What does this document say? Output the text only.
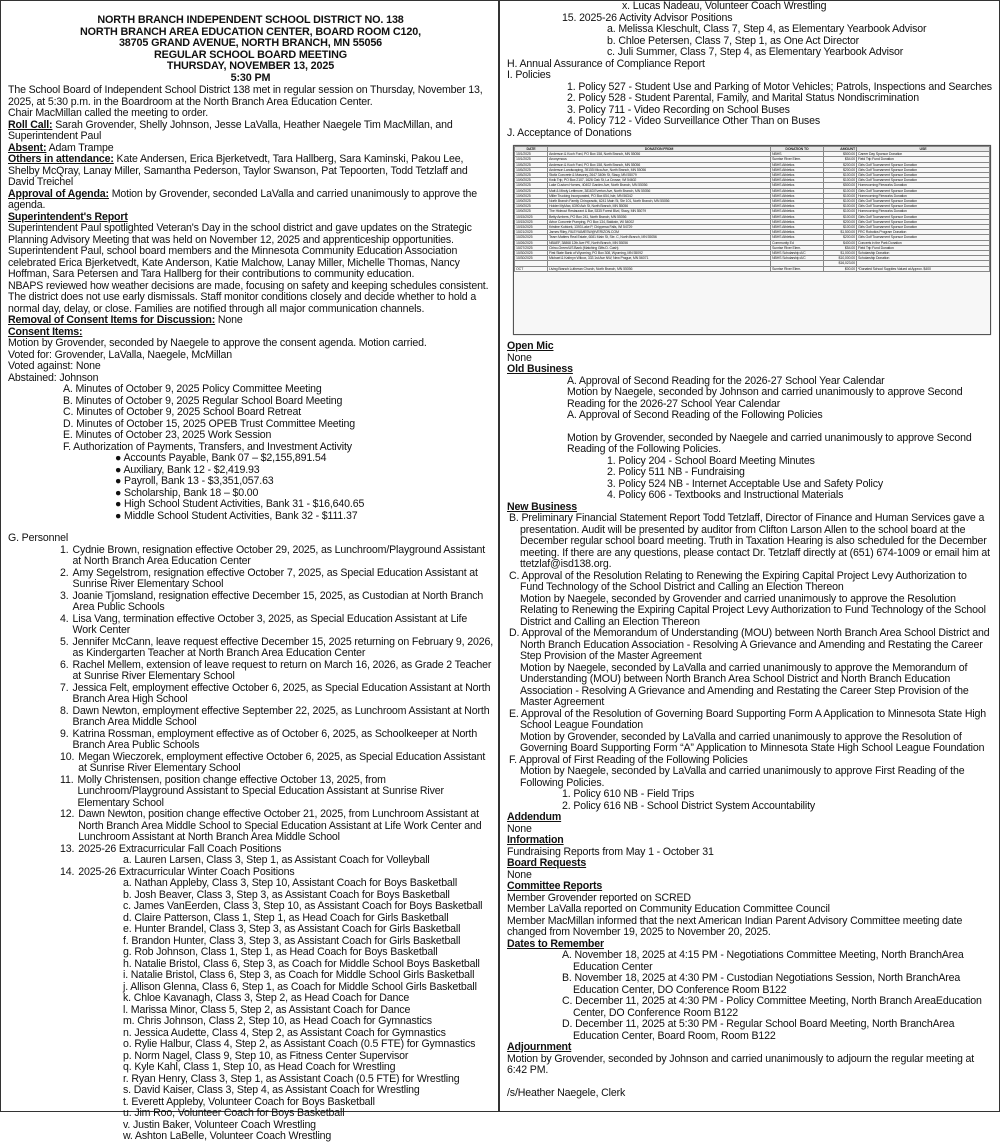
NORTH BRANCH INDEPENDENT SCHOOL DISTRICT NO. 138
NORTH BRANCH AREA EDUCATION CENTER, BOARD ROOM C120,
38705 GRAND AVENUE, NORTH BRANCH, MN 55056
REGULAR SCHOOL BOARD MEETING
THURSDAY, NOVEMBER 13, 2025
5:30 PM

The School Board of Independent School District 138 met in regular session on Thursday, November 13, 2025, at 5:30 p.m. in the Boardroom at the North Branch Area Education Center.

Chair MacMillan called the meeting to order.

Roll Call: Sarah Grovender, Shelly Johnson, Jesse LaValla, Heather Naegele Tim MacMillan, and Superintendent Paul

Absent: Adam Trampe

Others in attendance: Kate Andersen, Erica Bjerketvedt, Tara Hallberg, Sara Kaminski, Pakou Lee, Shelby McQray, Lanay Miller, Samantha Pederson, Taylor Swanson, Pat Tepoorten, Todd Tetzlaff and David Treichel

Approval of Agenda: Motion by Grovender, seconded LaValla and carried unanimously to approve the agenda.

Superintendent's Report

Superintendent Paul spotlighted Veteran's Day in the school district and gave updates on the Strategic Planning Advisory Meeting that was held on November 12, 2025 and apprenticeship opportunities.

Superintendent Paul, school board members and the Minnesota Community Education Association celebrated Erica Bjerketvedt, Kate Anderson, Katie Malchow, Lanay Miller, Michelle Thomas, Nancy Hoffman, Sara Petersen and Tara Hallberg for their contributions to community education.

NBAPS reviewed how weather decisions are made, focusing on safety and keeping schedules consistent. The district does not use early dismissals. Staff monitor conditions closely and decide whether to hold a normal day, delay, or close. Families are notified through all major communication channels.

Removal of Consent Items for Discussion: None

Consent Items:

Motion by Grovender, seconded by Naegele to approve the consent agenda. Motion carried.

Voted for: Grovender, LaValla, Naegele, McMillan

Voted against: None

Abstained: Johnson

A. Minutes of October 9, 2025 Policy Committee Meeting
B. Minutes of October 9, 2025 Regular School Board Meeting
C. Minutes of October 9, 2025 School Board Retreat
D. Minutes of October 15, 2025 OPEB Trust Committee Meeting
E. Minutes of October 23, 2025 Work Session
F. Authorization of Payments, Transfers, and Investment Activity
● Accounts Payable, Bank 07 – $2,155,891.54
● Auxiliary, Bank 12 - $2,419.93
● Payroll, Bank 13 - $3,351,057.63
● Scholarship, Bank 18 – $0.00
● High School Student Activities, Bank 31 - $16,640.65
● Middle School Student Activities, Bank 32 - $111.37

G. Personnel

1. Cydnie Brown, resignation effective October 29, 2025, as Lunchroom/Playground Assistant at North Branch Area Education Center
2. Amy Segelstrom, resignation effective October 7, 2025, as Special Education Assistant at Sunrise River Elementary School
3. Joanie Tjomsland, resignation effective December 15, 2025, as Custodian at North Branch Area Public Schools
4. Lisa Vang, termination effective October 3, 2025, as Special Education Assistant at Life Work Center
5. Jennifer McCann, leave request effective December 15, 2025 returning on February 9, 2026, as Kindergarten Teacher at North Branch Area Education Center
6. Rachel Mellem, extension of leave request to return on March 16, 2026, as Grade 2 Teacher at Sunrise River Elementary School
7. Jessica Felt, employment effective October 6, 2025, as Special Education Assistant at North Branch Area High School
8. Dawn Newton, employment effective September 22, 2025, as Lunchroom Assistant at North Branch Area Middle School
9. Katrina Rossman, employment effective as of October 6, 2025, as Schoolkeeper at North Branch Area Public Schools
10. Megan Wieczorek, employment effective October 6, 2025, as Special Education Assistant at Sunrise River Elementary School
11. Molly Christensen, position change effective October 13, 2025, from Lunchroom/Playground Assistant to Special Education Assistant at Sunrise River Elementary School
12. Dawn Newton, position change effective October 21, 2025, from Lunchroom Assistant at North Branch Area Middle School to Special Education Assistant at Life Work Center and Lunchroom Assistant at North Branch Area Middle School
13. 2025-26 Extracurricular Fall Coach Positions
a. Lauren Larsen, Class 3, Step 1, as Assistant Coach for Volleyball
14. 2025-26 Extracurricular Winter Coach Positions
a. Nathan Appleby, Class 3, Step 10, Assistant Coach for Boys Basketball
b. Josh Beaver, Class 3, Step 3, as Assistant Coach for Boys Basketball
c. James VanEerden, Class 3, Step 10, as Assistant Coach for Boys Basketball
d. Claire Patterson, Class 1, Step 1, as Head Coach for Girls Basketball
e. Hunter Brandel, Class 3, Step 3, as Assistant Coach for Girls Basketball
f. Brandon Hunter, Class 3, Step 3, as Assistant Coach for Girls Basketball
g. Rob Johnson, Class 1, Step 1, as Head Coach for Boys Basketball
h. Natalie Bristol, Class 6, Step 3, as Coach for Middle School Boys Basketball
i. Natalie Bristol, Class 6, Step 3, as Coach for Middle School Girls Basketball
j. Allison Glenna, Class 6, Step 1, as Coach for Middle School Girls Basketball
k. Chloe Kavanagh, Class 3, Step 2, as Head Coach for Dance
l. Marissa Minor, Class 5, Step 2, as Assistant Coach for Dance
m. Chris Johnson, Class 2, Step 10, as Head Coach for Gymnastics
n. Jessica Audette, Class 4, Step 2, as Assistant Coach for Gymnastics
o. Rylie Halbur, Class 4, Step 2, as Assistant Coach (0.5 FTE) for Gymnastics
p. Norm Nagel, Class 9, Step 10, as Fitness Center Supervisor
q. Kyle Kahl, Class 1, Step 10, as Head Coach for Wrestling
r. Ryan Henry, Class 3, Step 1, as Assistant Coach (0.5 FTE) for Wrestling
s. David Kaiser, Class 3, Step 4, as Assistant Coach for Wrestling
t. Everett Appleby, Volunteer Coach for Boys Basketball
u. Jim Roo, Volunteer Coach for Boys Basketball
v. Justin Baker, Volunteer Coach Wrestling
w. Ashton LaBelle, Volunteer Coach Wrestling
x. Lucas Nadeau, Volunteer Coach Wrestling
15. 2025-26 Activity Advisor Positions
a. Melissa Kleschult, Class 7, Step 4, as Elementary Yearbook Advisor
b. Chloe Petersen, Class 7, Step 1, as One Act Director
c. Juli Summer, Class 7, Step 4, as Elementary Yearbook Advisor

H. Annual Assurance of Compliance Report

I. Policies

1. Policy 527 - Student Use and Parking of Motor Vehicles; Patrols, Inspections and Searches
2. Policy 528 - Student Parental, Family, and Marital Status Nondiscrimination
3. Policy 711 - Video Recording on School Buses
4. Policy 712 - Video Surveillance Other Than on Buses

J. Acceptance of Donations

DATE	DONATION FROM	DONATION TO	AMOUNT	USE
10/1/2025	Anderson & Koch Ford, PO Box 158, North Branch, MN 55056	NBHS	$500.00	Career Day Sponsor Donation
10/1/2025	Anonymous	Sunrise River Elem.	$54.00	Field Trip Fund Donation
10/5/2025	Anderson & Koch Ford, PO Box 158, North Branch, MN 55056	NBHS Athletics	$200.00	Girls Golf Tournament Sponsor Donation
10/5/2025	Anderson Landscaping, 39155 Mica Ave, North Branch, MN 55056	NBHS Athletics	$200.00	Girls Golf Tournament Sponsor Donation
10/5/2025	Stoltz Concrete & Masonry, 2647 340th St, Stacy, MN 55079	NBHS Athletics	$100.00	Girls Golf Tournament Sponsor Donation
10/9/2025	Kwik Trip, PO Box 2107, 1626 Oak St, La Crosse, WI 54602	NBHS Athletics	$100.00	Girls Golf Tournament Sponsor Donation
10/9/2025	Lake Custom Homes, 40402 Garden Ave, North Branch, MN 55056	NBHS Athletics	$500.00	Homecoming Fireworks Donation
10/9/2025	Matt & Mindy Lettimore, 38163 Everton Ave, North Branch, MN 55056	NBHS Athletics	$100.00	Girls Golf Tournament Sponsor Donation
10/9/2025	Miller Trucking Incorporated, PO Box 654, Isle, MN 56342	NBHS Athletics	$100.00	Homecoming Fireworks Donation
10/9/2025	North Branch Family Chiropractic, 6241 Main St, Ste 101, North Branch, MN 55056	NBHS Athletics	$100.00	Girls Golf Tournament Sponsor Donation
10/9/2025	Holder MyMax, 6390 Ash St, North Branch, MN 55056	NBHS Athletics	$100.00	Girls Golf Tournament Sponsor Donation
10/9/2025	The Hideout Restaurant & Bar, 5335 Forest Blvd, Stacy, MN 55079	NBHS Athletics	$100.00	Homecoming Fireworks Donation
10/15/2025	Betty Ambers, PO Box 241, North Branch, MN 55056	NBHS Athletics	$100.00	Girls Golf Tournament Sponsor Donation
10/15/2025	Arbor Concrete Pumping, PO Box 134, Baldwin, WI 54002	NBHS Athletics	$200.00	Girls Golf Tournament Sponsor Donation
10/15/2025	Kristine Kubicek, 1393 Lake P, Chippewa Falls, WI 54729	NBHS Athletics	$100.00	Girls Golf Tournament Sponsor Donation
10/21/2025	James Riley, RILEYIAMESW@VERIZON.COM	NBHS Athletics	$1,500.00	FRC Robotics Program Donation
10/25/2025	Team Matters Real Estate, 6081 Main St, Ste. C, North Branch, MN 55056	NBHS Athletics	$200.00	Girls Golf Tournament Sponsor Donation
10/26/2025	NBAEF, 38868 12th Ave PE, North Branch, MN 55056	Community Ed	$400.00	Concerts in the Park Donation
10/27/2025	Cirino-Green/US Bank (Matching Gifts D. Cash)	Sunrise River Elem.	$54.00	Field Trip Fund Donation
10/30/2025	First State Bank of Wyoming, PO Box 308, Wyoming, MN 55092	NBHS Scholarship A/C	$1,000.00	Scholarship Donation
10/30/2025	Michael & Kathryn Wilcox, 333 1st Ave NW, New Prague, MN 56071	NBHS Scholarship A/C	$10,000.00	Scholarship Donation
			$16,023.00	
OCT	Living Branch Lutheran Church, North Branch, MN 55056	Sunrise River Elem.	$00.00	*Donated School Supplies Valued at Approx. $400

Open Mic

None

Old Business

A. Approval of Second Reading for the 2026-27 School Year Calendar
Motion by Naegele, seconded by Johnson and carried unanimously to approve Second Reading for the 2026-27 School Year Calendar
A. Approval of Second Reading of the Following Policies
Motion by Grovender, seconded by Naegele and carried unanimously to approve Second Reading of the Following Policies.
1. Policy 204 - School Board Meeting Minutes
2. Policy 511 NB - Fundraising
3. Policy 524 NB - Internet Acceptable Use and Safety Policy
4. Policy 606 - Textbooks and Instructional Materials

New Business

B. Preliminary Financial Statement Report Todd Tetzlaff, Director of Finance and Human Services gave a presentation. Audit will be presented by auditor from Clifton Larson Allen to the school board at the December regular school board meeting. Truth in Taxation Hearing is also scheduled for the December meeting. If there are any questions, please contact Dr. Tetzlaff directly at (651) 674-1009 or email him at ttetzlaf@isd138.org.
C. Approval of the Resolution Relating to Renewing the Expiring Capital Project Levy Authorization to Fund Technology of the School District and Calling an Election Thereon
Motion by Naegele, seconded by Grovender and carried unanimously to approve the Resolution Relating to Renewing the Expiring Capital Project Levy Authorization to Fund Technology of the School District and Calling an Election Thereon
D. Approval of the Memorandum of Understanding (MOU) between North Branch Area School District and North Branch Education Association - Resolving A Grievance and Amending and Restating the Career Step Provision of the Master Agreement
Motion by Naegele, seconded by LaValla and carried unanimously to approve the Memorandum of Understanding (MOU) between North Branch Area School District and North Branch Education Association - Resolving A Grievance and Amending and Restating the Career Step Provision of the Master Agreement
E. Approval of the Resolution of Governing Board Supporting Form A Application to Minnesota State High School League Foundation
Motion by Grovender, seconded by LaValla and carried unanimously to approve the Resolution of Governing Board Supporting Form “A” Application to Minnesota State High School League Foundation
F. Approval of First Reading of the Following Policies
Motion by Naegele, seconded by LaValla and carried unanimously to approve First Reading of the Following Policies.
1. Policy 610 NB - Field Trips
2. Policy 616 NB - School District System Accountability

Addendum

None

Information

Fundraising Reports from May 1 - October 31

Board Requests

None

Committee Reports

Member Grovender reported on SCRED

Member LaValla reported on Community Education Committee Council

Member MacMillan informed that the next American Indian Parent Advisory Committee meeting date changed from November 19, 2025 to November 20, 2025.

Dates to Remember

A. November 18, 2025 at 4:15 PM - Negotiations Committee Meeting, North BranchArea Education Center
B. November 18, 2025 at 4:30 PM - Custodian Negotiations Session, North BranchArea Education Center, DO Conference Room B122
C. December 11, 2025 at 4:30 PM - Policy Committee Meeting, North Branch AreaEducation Center, DO Conference Room B122
D. December 11, 2025 at 5:30 PM - Regular School Board Meeting, North BranchArea Education Center, Board Room, Room B122

Adjournment

Motion by Grovender, seconded by Johnson and carried unanimously to adjourn the regular meeting at 6:42 PM.

/s/Heather Naegele, Clerk
